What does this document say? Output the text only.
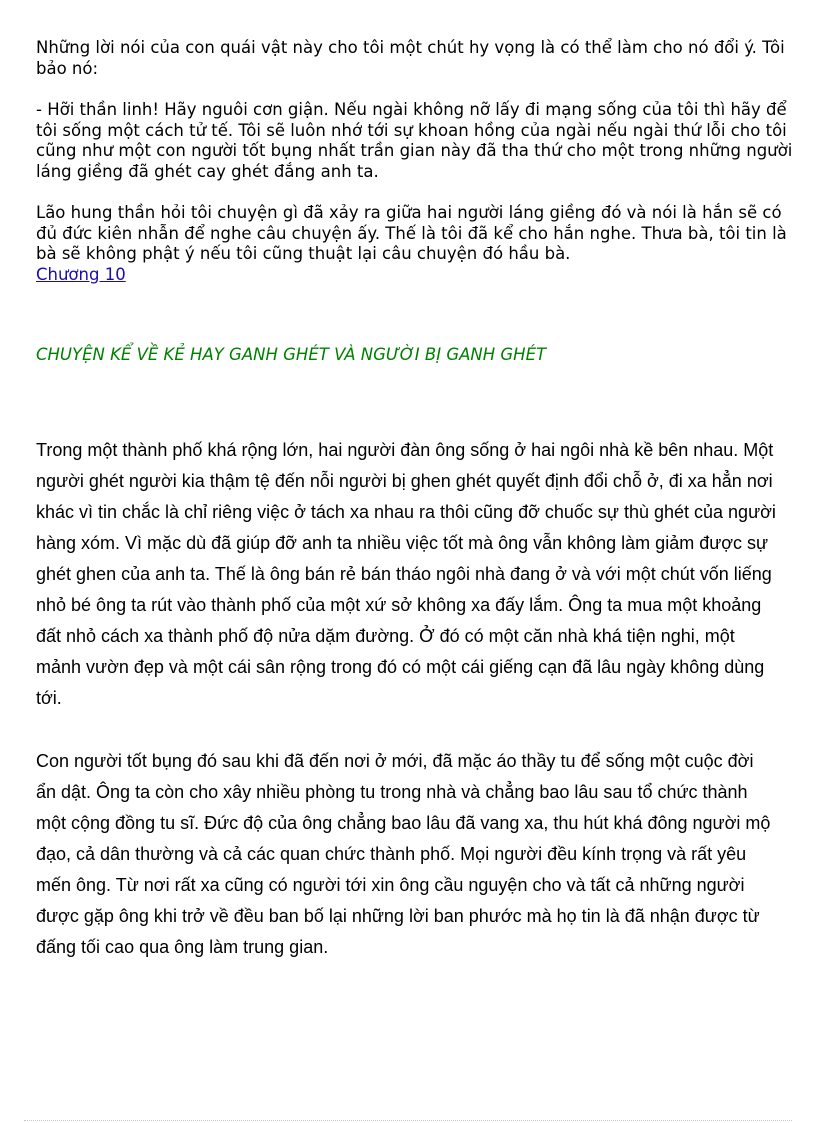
Những lời nói của con quái vật này cho tôi một chút hy vọng là có thể làm cho nó đổi ý. Tôi bảo nó:

- Hỡi thần linh! Hãy nguôi cơn giận. Nếu ngài không nỡ lấy đi mạng sống của tôi thì hãy để tôi sống một cách tử tế. Tôi sẽ luôn nhớ tới sự khoan hồng của ngài nếu ngài thứ lỗi cho tôi cũng như một con người tốt bụng nhất trần gian này đã tha thứ cho một trong những người láng giềng đã ghét cay ghét đắng anh ta.

Lão hung thần hỏi tôi chuyện gì đã xảy ra giữa hai người láng giềng đó và nói là hắn sẽ có đủ đức kiên nhẫn để nghe câu chuyện ấy. Thế là tôi đã kể cho hắn nghe. Thưa bà, tôi tin là bà sẽ không phật ý nếu tôi cũng thuật lại câu chuyện đó hầu bà.

Chương 10
CHUYỆN KỂ VỀ KẺ HAY GANH GHÉT VÀ NGƯỜI BỊ GANH GHÉT

Trong một thành phố khá rộng lớn, hai người đàn ông sống ở hai ngôi nhà kề bên nhau. Một người ghét người kia thậm tệ đến nỗi người bị ghen ghét quyết định đổi chỗ ở, đi xa hẳn nơi khác vì tin chắc là chỉ riêng việc ở tách xa nhau ra thôi cũng đỡ chuốc sự thù ghét của người hàng xóm. Vì mặc dù đã giúp đỡ anh ta nhiều việc tốt mà ông vẫn không làm giảm được sự ghét ghen của anh ta. Thế là ông bán rẻ bán tháo ngôi nhà đang ở và với một chút vốn liếng nhỏ bé ông ta rút vào thành phố của một xứ sở không xa đấy lắm. Ông ta mua một khoảng đất nhỏ cách xa thành phố độ nửa dặm đường. Ở đó có một căn nhà khá tiện nghi, một mảnh vườn đẹp và một cái sân rộng trong đó có một cái giếng cạn đã lâu ngày không dùng tới.

Con người tốt bụng đó sau khi đã đến nơi ở mới, đã mặc áo thầy tu để sống một cuộc đời ẩn dật. Ông ta còn cho xây nhiều phòng tu trong nhà và chẳng bao lâu sau tổ chức thành một cộng đồng tu sĩ. Đức độ của ông chẳng bao lâu đã vang xa, thu hút khá đông người mộ đạo, cả dân thường và cả các quan chức thành phố. Mọi người đều kính trọng và rất yêu mến ông. Từ nơi rất xa cũng có người tới xin ông cầu nguyện cho và tất cả những người được gặp ông khi trở về đều ban bố lại những lời ban phước mà họ tin là đã nhận được từ đấng tối cao qua ông làm trung gian.
